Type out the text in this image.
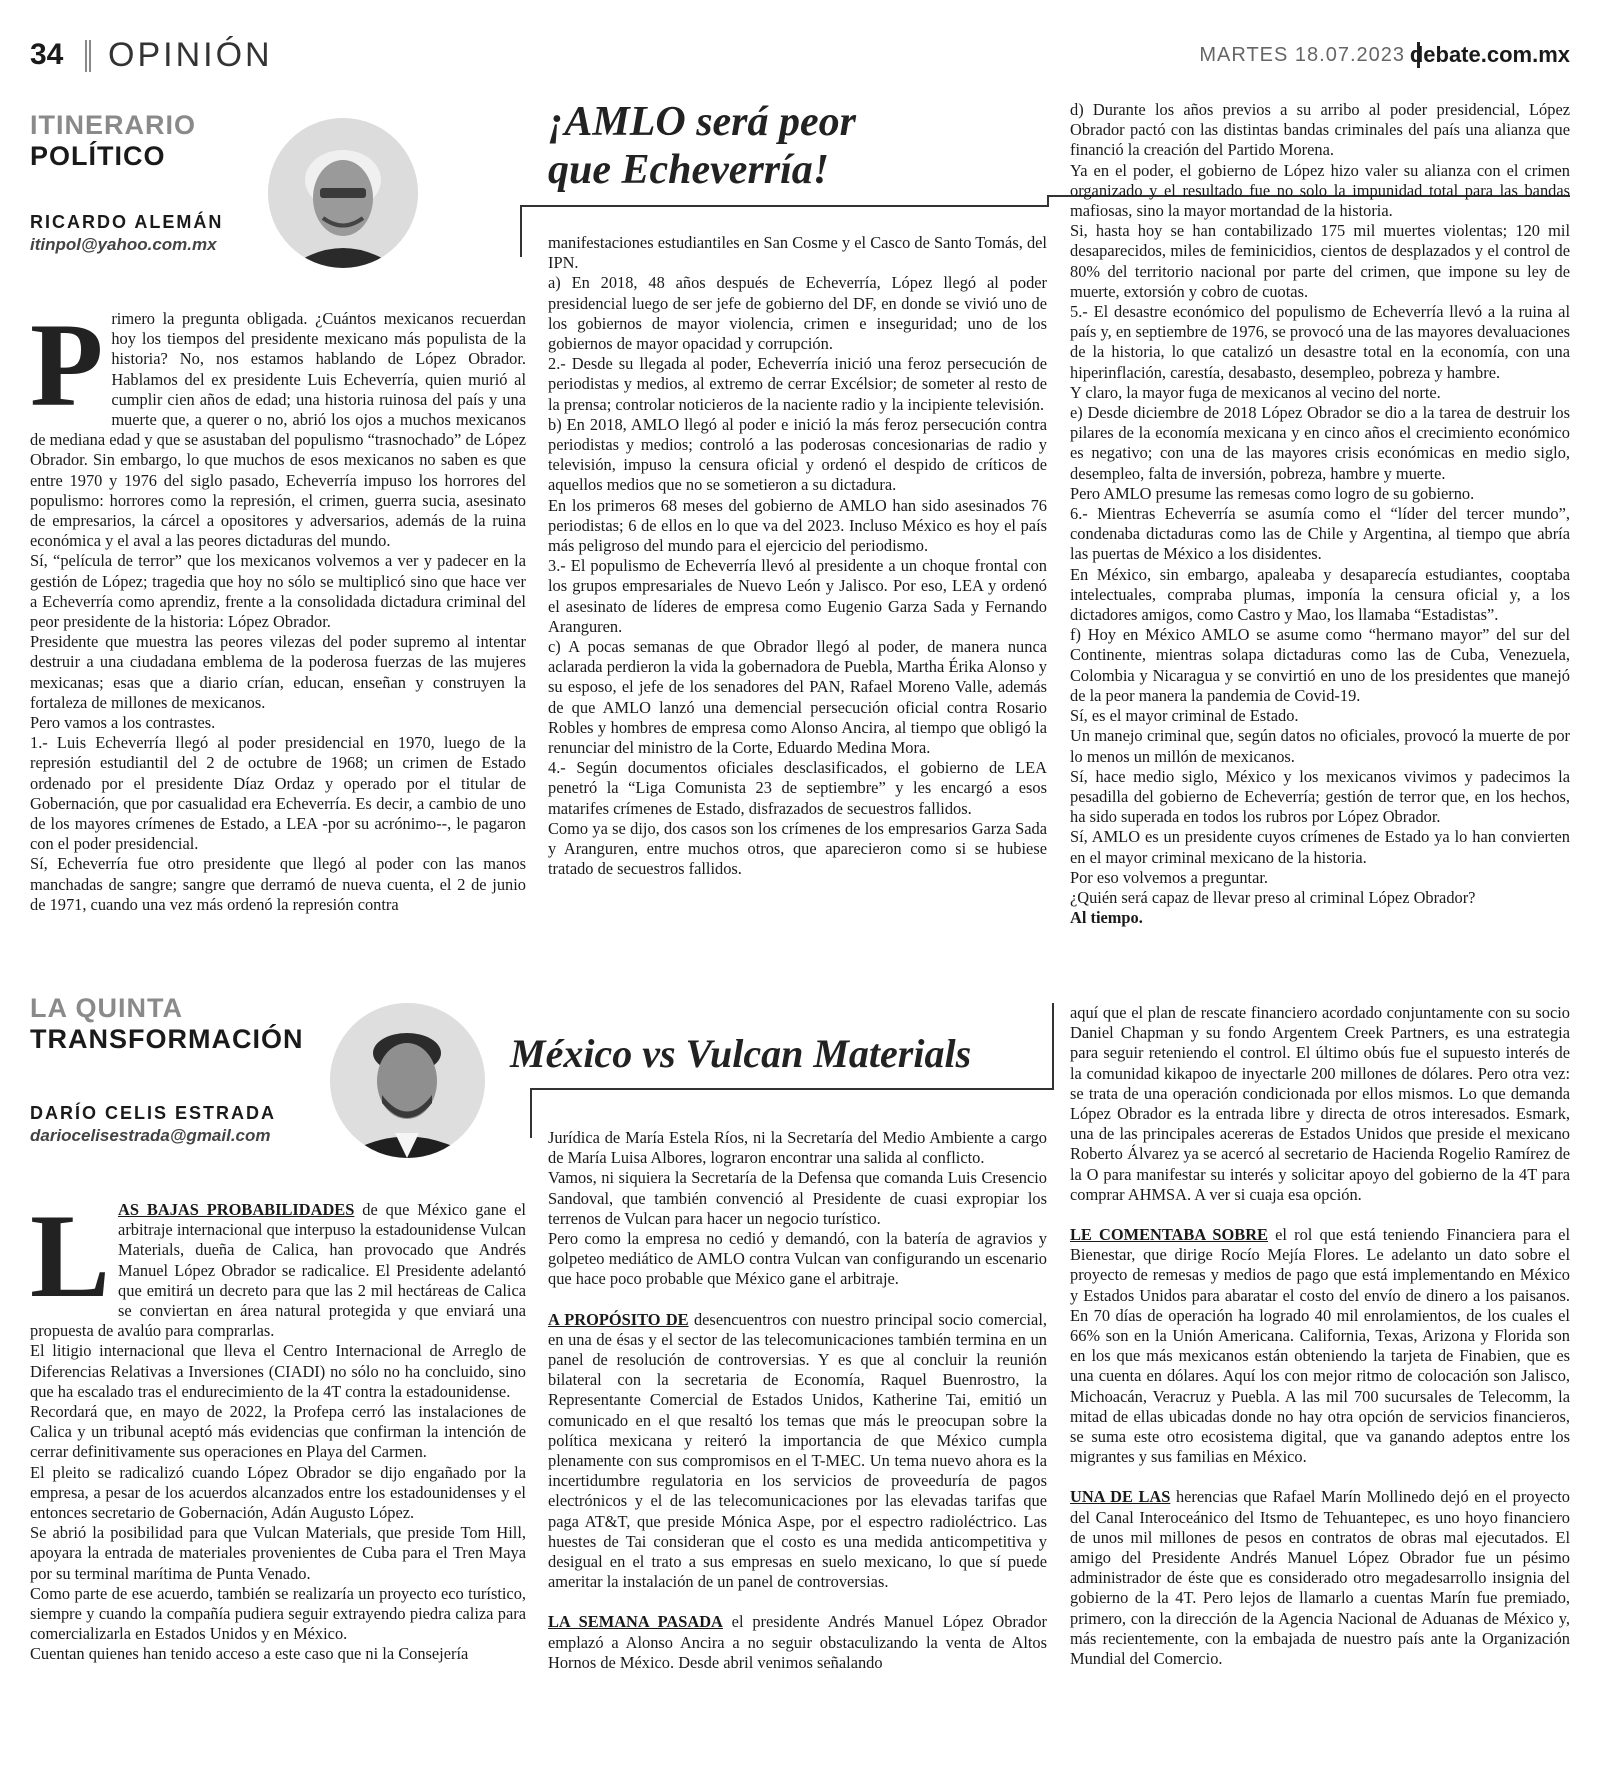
34 OPINIÓN	MARTES 18.07.2023 debate.com.mx
ITINERARIO
POLÍTICO
RICARDO ALEMÁN
itinpol@yahoo.com.mx
¡AMLO será peor
que Echeverría!
P rimero la pregunta obligada. ¿Cuántos mexicanos recuerdan hoy los tiempos del presidente mexicano más populista de la historia? No, nos estamos hablando de López Obrador. Hablamos del ex presidente Luis Echeverría, quien murió al cumplir cien años de edad; una historia ruinosa del país y una muerte que, a querer o no, abrió los ojos a muchos mexicanos de mediana edad y que se asustaban del populismo “trasnochado” de López Obrador. Sin embargo, lo que muchos de esos mexicanos no saben es que entre 1970 y 1976 del siglo pasado, Echeverría impuso los horrores del populismo: horrores como la represión, el crimen, guerra sucia, asesinato de empresarios, la cárcel a opositores y adversarios, además de la ruina económica y el aval a las peores dictaduras del mundo.

Sí, “película de terror” que los mexicanos volvemos a ver y padecer en la gestión de López; tragedia que hoy no sólo se multiplicó sino que hace ver a Echeverría como aprendiz, frente a la consolidada dictadura criminal del peor presidente de la historia: López Obrador.

Presidente que muestra las peores vilezas del poder supremo al intentar destruir a una ciudadana emblema de la poderosa fuerzas de las mujeres mexicanas; esas que a diario crían, educan, enseñan y construyen la fortaleza de millones de mexicanos.

Pero vamos a los contrastes.

1.- Luis Echeverría llegó al poder presidencial en 1970, luego de la represión estudiantil del 2 de octubre de 1968; un crimen de Estado ordenado por el presidente Díaz Ordaz y operado por el titular de Gobernación, que por casualidad era Echeverría. Es decir, a cambio de uno de los mayores crímenes de Estado, a LEA -por su acrónimo--, le pagaron con el poder presidencial.

Sí, Echeverría fue otro presidente que llegó al poder con las manos manchadas de sangre; sangre que derramó de nueva cuenta, el 2 de junio de 1971, cuando una vez más ordenó la represión contra

manifestaciones estudiantiles en San Cosme y el Casco de Santo Tomás, del IPN.

a) En 2018, 48 años después de Echeverría, López llegó al poder presidencial luego de ser jefe de gobierno del DF, en donde se vivió uno de los gobiernos de mayor violencia, crimen e inseguridad; uno de los gobiernos de mayor opacidad y corrupción.

2.- Desde su llegada al poder, Echeverría inició una feroz persecución de periodistas y medios, al extremo de cerrar Excélsior; de someter al resto de la prensa; controlar noticieros de la naciente radio y la incipiente televisión.

b) En 2018, AMLO llegó al poder e inició la más feroz persecución contra periodistas y medios; controló a las poderosas concesionarias de radio y televisión, impuso la censura oficial y ordenó el despido de críticos de aquellos medios que no se sometieron a su dictadura.

En los primeros 68 meses del gobierno de AMLO han sido asesinados 76 periodistas; 6 de ellos en lo que va del 2023. Incluso México es hoy el país más peligroso del mundo para el ejercicio del periodismo.

3.- El populismo de Echeverría llevó al presidente a un choque frontal con los grupos empresariales de Nuevo León y Jalisco. Por eso, LEA y ordenó el asesinato de líderes de empresa como Eugenio Garza Sada y Fernando Aranguren.

c) A pocas semanas de que Obrador llegó al poder, de manera nunca aclarada perdieron la vida la gobernadora de Puebla, Martha Érika Alonso y su esposo, el jefe de los senadores del PAN, Rafael Moreno Valle, además de que AMLO lanzó una demencial persecución oficial contra Rosario Robles y hombres de empresa como Alonso Ancira, al tiempo que obligó la renunciar del ministro de la Corte, Eduardo Medina Mora.

4.- Según documentos oficiales desclasificados, el gobierno de LEA penetró la “Liga Comunista 23 de septiembre” y les encargó a esos matarifes crímenes de Estado, disfrazados de secuestros fallidos.

Como ya se dijo, dos casos son los crímenes de los empresarios Garza Sada y Aranguren, entre muchos otros, que aparecieron como si se hubiese tratado de secuestros fallidos.

d) Durante los años previos a su arribo al poder presidencial, López Obrador pactó con las distintas bandas criminales del país una alianza que financió la creación del Partido Morena.

Ya en el poder, el gobierno de López hizo valer su alianza con el crimen organizado y el resultado fue no solo la impunidad total para las bandas mafiosas, sino la mayor mortandad de la historia.

Si, hasta hoy se han contabilizado 175 mil muertes violentas; 120 mil desaparecidos, miles de feminicidios, cientos de desplazados y el control de 80% del territorio nacional por parte del crimen, que impone su ley de muerte, extorsión y cobro de cuotas.

5.- El desastre económico del populismo de Echeverría llevó a la ruina al país y, en septiembre de 1976, se provocó una de las mayores devaluaciones de la historia, lo que catalizó un desastre total en la economía, con una hiperinflación, carestía, desabasto, desempleo, pobreza y hambre.

Y claro, la mayor fuga de mexicanos al vecino del norte.

e) Desde diciembre de 2018 López Obrador se dio a la tarea de destruir los pilares de la economía mexicana y en cinco años el crecimiento económico es negativo; con una de las mayores crisis económicas en medio siglo, desempleo, falta de inversión, pobreza, hambre y muerte.

Pero AMLO presume las remesas como logro de su gobierno.

6.- Mientras Echeverría se asumía como el “líder del tercer mundo”, condenaba dictaduras como las de Chile y Argentina, al tiempo que abría las puertas de México a los disidentes.

En México, sin embargo, apaleaba y desaparecía estudiantes, cooptaba intelectuales, compraba plumas, imponía la censura oficial y, a los dictadores amigos, como Castro y Mao, los llamaba “Estadistas”.

f) Hoy en México AMLO se asume como “hermano mayor” del sur del Continente, mientras solapa dictaduras como las de Cuba, Venezuela, Colombia y Nicaragua y se convirtió en uno de los presidentes que manejó de la peor manera la pandemia de Covid-19.

Sí, es el mayor criminal de Estado.

Un manejo criminal que, según datos no oficiales, provocó la muerte de por lo menos un millón de mexicanos.

Sí, hace medio siglo, México y los mexicanos vivimos y padecimos la pesadilla del gobierno de Echeverría; gestión de terror que, en los hechos, ha sido superada en todos los rubros por López Obrador.

Sí, AMLO es un presidente cuyos crímenes de Estado ya lo han convierten en el mayor criminal mexicano de la historia.

Por eso volvemos a preguntar.

¿Quién será capaz de llevar preso al criminal López Obrador?

Al tiempo.

LA QUINTA
TRANSFORMACIÓN
DARÍO CELIS ESTRADA
dariocelisestrada@gmail.com
México vs Vulcan Materials
L AS BAJAS PROBABILIDADES de que México gane el arbitraje internacional que interpuso la estadounidense Vulcan Materials, dueña de Calica, han provocado que Andrés Manuel López Obrador se radicalice. El Presidente adelantó que emitirá un decreto para que las 2 mil hectáreas de Calica se conviertan en área natural protegida y que enviará una propuesta de avalúo para comprarlas.

El litigio internacional que lleva el Centro Internacional de Arreglo de Diferencias Relativas a Inversiones (CIADI) no sólo no ha concluido, sino que ha escalado tras el endurecimiento de la 4T contra la estadounidense.

Recordará que, en mayo de 2022, la Profepa cerró las instalaciones de Calica y un tribunal aceptó más evidencias que confirman la intención de cerrar definitivamente sus operaciones en Playa del Carmen.

El pleito se radicalizó cuando López Obrador se dijo engañado por la empresa, a pesar de los acuerdos alcanzados entre los estadounidenses y el entonces secretario de Gobernación, Adán Augusto López.

Se abrió la posibilidad para que Vulcan Materials, que preside Tom Hill, apoyara la entrada de materiales provenientes de Cuba para el Tren Maya por su terminal marítima de Punta Venado.

Como parte de ese acuerdo, también se realizaría un proyecto eco turístico, siempre y cuando la compañía pudiera seguir extrayendo piedra caliza para comercializarla en Estados Unidos y en México.

Cuentan quienes han tenido acceso a este caso que ni la Consejería

Jurídica de María Estela Ríos, ni la Secretaría del Medio Ambiente a cargo de María Luisa Albores, lograron encontrar una salida al conflicto.

Vamos, ni siquiera la Secretaría de la Defensa que comanda Luis Cresencio Sandoval, que también convenció al Presidente de cuasi expropiar los terrenos de Vulcan para hacer un negocio turístico.

Pero como la empresa no cedió y demandó, con la batería de agravios y golpeteo mediático de AMLO contra Vulcan van configurando un escenario que hace poco probable que México gane el arbitraje.

A PROPÓSITO DE desencuentros con nuestro principal socio comercial, en una de ésas y el sector de las telecomunicaciones también termina en un panel de resolución de controversias. Y es que al concluir la reunión bilateral con la secretaria de Economía, Raquel Buenrostro, la Representante Comercial de Estados Unidos, Katherine Tai, emitió un comunicado en el que resaltó los temas que más le preocupan sobre la política mexicana y reiteró la importancia de que México cumpla plenamente con sus compromisos en el T-MEC. Un tema nuevo ahora es la incertidumbre regulatoria en los servicios de proveeduría de pagos electrónicos y el de las telecomunicaciones por las elevadas tarifas que paga AT&T, que preside Mónica Aspe, por el espectro radioléctrico. Las huestes de Tai consideran que el costo es una medida anticompetitiva y desigual en el trato a sus empresas en suelo mexicano, lo que sí puede ameritar la instalación de un panel de controversias.

LA SEMANA PASADA el presidente Andrés Manuel López Obrador emplazó a Alonso Ancira a no seguir obstaculizando la venta de Altos Hornos de México. Desde abril venimos señalando

aquí que el plan de rescate financiero acordado conjuntamente con su socio Daniel Chapman y su fondo Argentem Creek Partners, es una estrategia para seguir reteniendo el control. El último obús fue el supuesto interés de la comunidad kikapoo de inyectarle 200 millones de dólares. Pero otra vez: se trata de una operación condicionada por ellos mismos. Lo que demanda López Obrador es la entrada libre y directa de otros interesados. Esmark, una de las principales acereras de Estados Unidos que preside el mexicano Roberto Álvarez ya se acercó al secretario de Hacienda Rogelio Ramírez de la O para manifestar su interés y solicitar apoyo del gobierno de la 4T para comprar AHMSA. A ver si cuaja esa opción.

LE COMENTABA SOBRE el rol que está teniendo Financiera para el Bienestar, que dirige Rocío Mejía Flores. Le adelanto un dato sobre el proyecto de remesas y medios de pago que está implementando en México y Estados Unidos para abaratar el costo del envío de dinero a los paisanos. En 70 días de operación ha logrado 40 mil enrolamientos, de los cuales el 66% son en la Unión Americana. California, Texas, Arizona y Florida son en los que más mexicanos están obteniendo la tarjeta de Finabien, que es una cuenta en dólares. Aquí los con mejor ritmo de colocación son Jalisco, Michoacán, Veracruz y Puebla. A las mil 700 sucursales de Telecomm, la mitad de ellas ubicadas donde no hay otra opción de servicios financieros, se suma este otro ecosistema digital, que va ganando adeptos entre los migrantes y sus familias en México.

UNA DE LAS herencias que Rafael Marín Mollinedo dejó en el proyecto del Canal Interoceánico del Itsmo de Tehuantepec, es uno hoyo financiero de unos mil millones de pesos en contratos de obras mal ejecutados. El amigo del Presidente Andrés Manuel López Obrador fue un pésimo administrador de éste que es considerado otro megadesarrollo insignia del gobierno de la 4T. Pero lejos de llamarlo a cuentas Marín fue premiado, primero, con la dirección de la Agencia Nacional de Aduanas de México y, más recientemente, con la embajada de nuestro país ante la Organización Mundial del Comercio.
